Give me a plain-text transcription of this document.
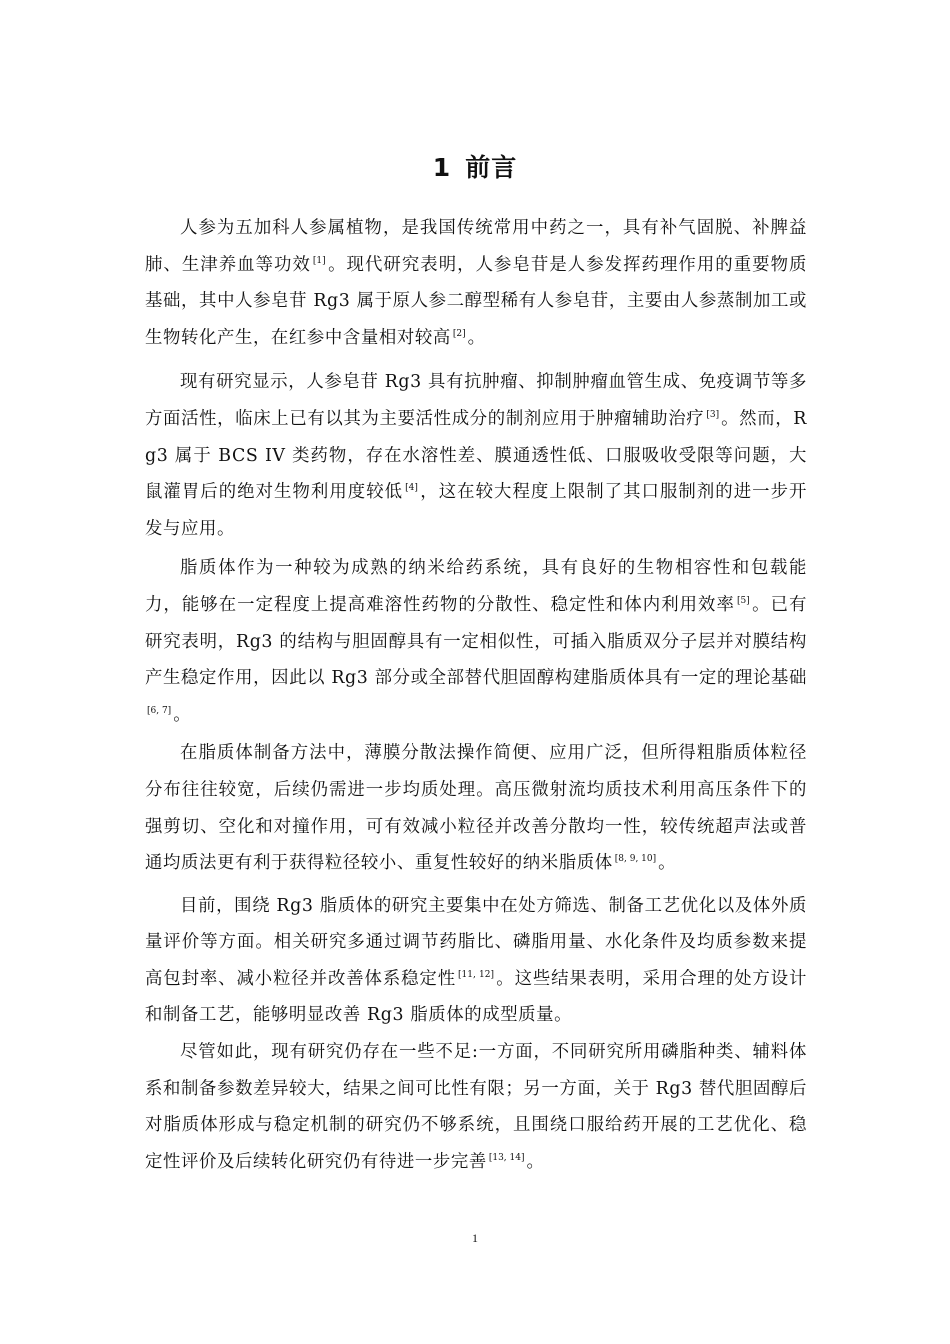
1 前言

人参为五加科人参属植物，是我国传统常用中药之一，具有补气固脱、补脾益肺、生津养血等功效 [1] 。现代研究表明，人参皂苷是人参发挥药理作用的重要物质基础，其中人参皂苷 Rg3 属于原人参二醇型稀有人参皂苷，主要由人参蒸制加工或生物转化产生，在红参中含量相对较高 [2] 。

现有研究显示，人参皂苷 Rg3 具有抗肿瘤、抑制肿瘤血管生成、免疫调节等多方面活性，临床上已有以其为主要活性成分的制剂应用于肿瘤辅助治疗 [3] 。然而，Rg3 属于 BCS IV 类药物，存在水溶性差、膜通透性低、口服吸收受限等问题，大鼠灌胃后的绝对生物利用度较低 [4] ，这在较大程度上限制了其口服制剂的进一步开发与应用。

脂质体作为一种较为成熟的纳米给药系统，具有良好的生物相容性和包载能力，能够在一定程度上提高难溶性药物的分散性、稳定性和体内利用效率 [5] 。已有研究表明，Rg3 的结构与胆固醇具有一定相似性，可插入脂质双分子层并对膜结构产生稳定作用，因此以 Rg3 部分或全部替代胆固醇构建脂质体具有一定的理论基础[6, 7] 。

在脂质体制备方法中，薄膜分散法操作简便、应用广泛，但所得粗脂质体粒径分布往往较宽，后续仍需进一步均质处理。高压微射流均质技术利用高压条件下的强剪切、空化和对撞作用，可有效减小粒径并改善分散均一性，较传统超声法或普通均质法更有利于获得粒径较小、重复性较好的纳米脂质体 [8, 9, 10] 。

目前，围绕 Rg3 脂质体的研究主要集中在处方筛选、制备工艺优化以及体外质量评价等方面。相关研究多通过调节药脂比、磷脂用量、水化条件及均质参数来提高包封率、减小粒径并改善体系稳定性 [11, 12] 。这些结果表明，采用合理的处方设计和制备工艺，能够明显改善 Rg3 脂质体的成型质量。

尽管如此，现有研究仍存在一些不足:一方面，不同研究所用磷脂种类、辅料体系和制备参数差异较大，结果之间可比性有限；另一方面，关于 Rg3 替代胆固醇后对脂质体形成与稳定机制的研究仍不够系统，且围绕口服给药开展的工艺优化、稳定性评价及后续转化研究仍有待进一步完善 [13, 14] 。

1
